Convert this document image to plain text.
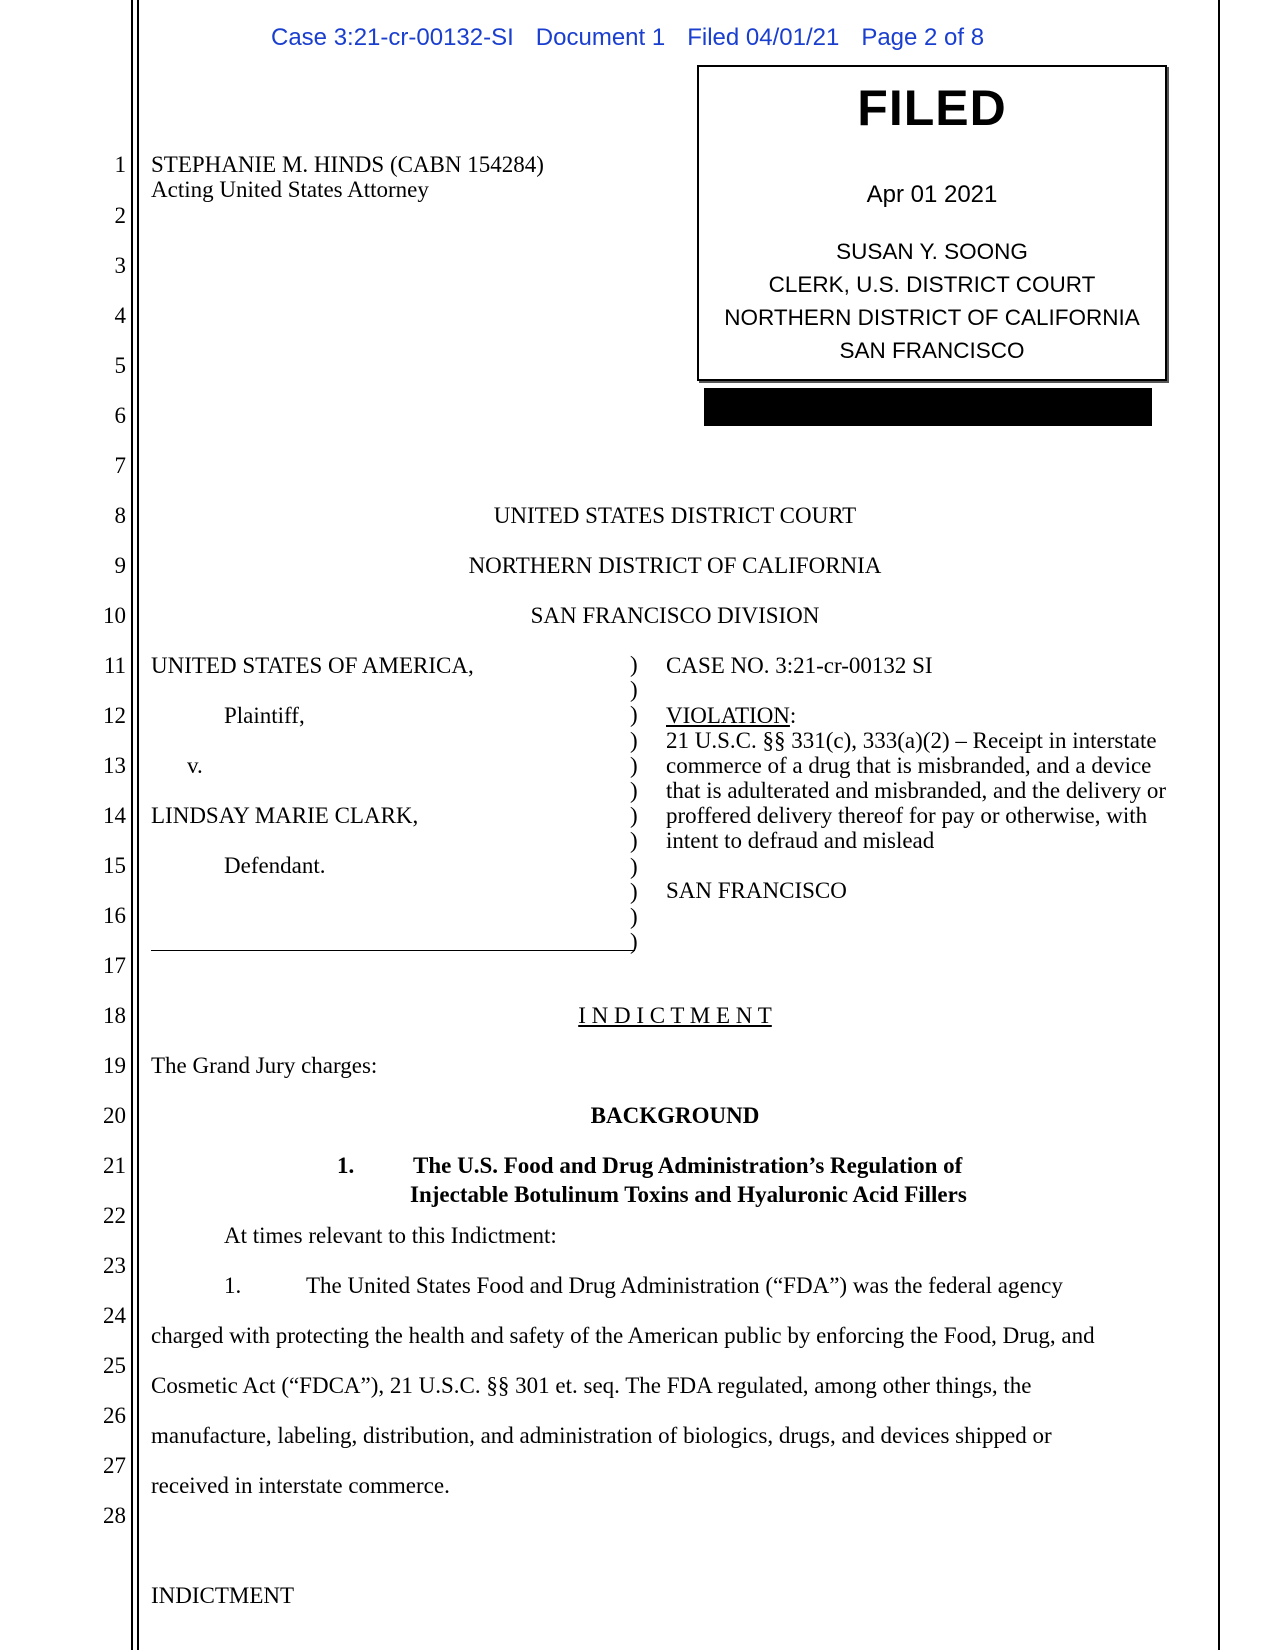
Case 3:21-cr-00132-SI Document 1 Filed 04/01/21 Page 2 of 8
FILED
Apr 01 2021
SUSAN Y. SOONG
CLERK, U.S. DISTRICT COURT
NORTHERN DISTRICT OF CALIFORNIA
SAN FRANCISCO
1
2
3
4
5
6
7
8
9
10
11
12
13
14
15
16
17
18
19
20
21
22
23
24
25
26
27
28
STEPHANIE M. HINDS (CABN 154284)
Acting United States Attorney
UNITED STATES DISTRICT COURT
NORTHERN DISTRICT OF CALIFORNIA
SAN FRANCISCO DIVISION
UNITED STATES OF AMERICA,
Plaintiff,
v.
LINDSAY MARIE CLARK,
Defendant.
)
)
)
)
)
)
)
)
)
)
)
)
CASE NO. 3:21-cr-00132 SI
VIOLATION:
21 U.S.C. §§ 331(c), 333(a)(2) – Receipt in interstate
commerce of a drug that is misbranded, and a device
that is adulterated and misbranded, and the delivery or
proffered delivery thereof for pay or otherwise, with
intent to defraud and mislead
SAN FRANCISCO
I N D I C T M E N T
The Grand Jury charges:
BACKGROUND
1.	The U.S. Food and Drug Administration’s Regulation of
Injectable Botulinum Toxins and Hyaluronic Acid Fillers
At times relevant to this Indictment:
1.	The United States Food and Drug Administration (“FDA”) was the federal agency
charged with protecting the health and safety of the American public by enforcing the Food, Drug, and
Cosmetic Act (“FDCA”), 21 U.S.C. §§ 301 et. seq. The FDA regulated, among other things, the
manufacture, labeling, distribution, and administration of biologics, drugs, and devices shipped or
received in interstate commerce.
INDICTMENT
